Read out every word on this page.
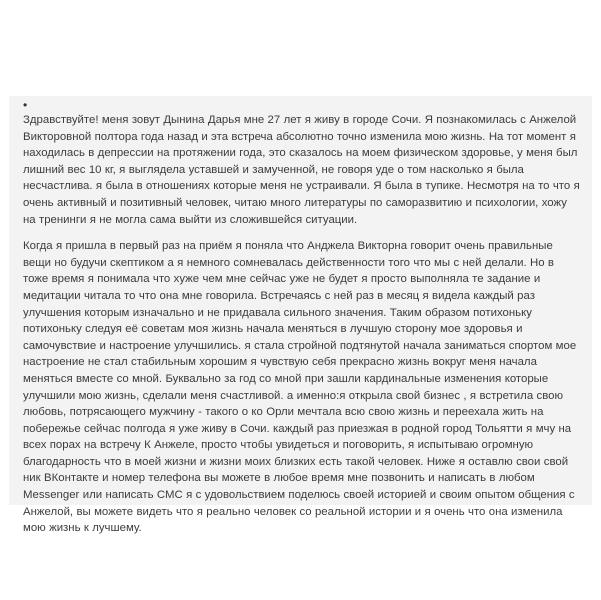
•

Здравствуйте! меня зовут Дынина Дарья мне 27 лет я живу в городе Сочи. Я познакомилась с Анжелой Викторовной полтора года назад и эта встреча абсолютно точно изменила мою жизнь. На тот момент я находилась в депрессии на протяжении года, это сказалось на моем физическом здоровье, у меня был лишний вес 10 кг, я выглядела уставшей и замученной, не говоря уде о том насколько я была несчастлива. я была в отношениях которые меня не устраивали. Я была в тупике. Несмотря на то что я очень активный и позитивный человек, читаю много литературы по саморазвитию и психологии, хожу на тренинги я не могла сама выйти из сложившейся ситуации.

Когда я пришла в первый раз на приём я поняла что Анджела Викторна говорит очень правильные вещи но будучи скептиком а я немного сомневалась действенности того что мы с ней делали. Но в тоже время я понимала что хуже чем мне сейчас уже не будет я просто выполняла те задание и медитации читала то что она мне говорила. Встречаясь с ней раз в месяц я видела каждый раз улучшения которым изначально и не придавала сильного значения. Таким образом потихоньку потихоньку следуя её советам моя жизнь начала меняться в лучшую сторону мое здоровья и самочувствие и настроение улучшились. я стала стройной подтянутой начала заниматься спортом мое настроение не стал стабильным хорошим я чувствую себя прекрасно жизнь вокруг меня начала меняться вместе со мной. Буквально за год со мной при зашли кардинальные изменения которые улучшили мою жизнь, сделали меня счастливой. а именно:я открыла свой бизнес , я встретила свою любовь, потрясающего мужчину - такого о ко Орли мечтала всю свою жизнь и переехала жить на побережье сейчас полгода я уже живу в Сочи. каждый раз приезжая в родной город Тольятти я мчу на всех порах на встречу К Анжеле, просто чтобы увидеться и поговорить, я испытываю огромную благодарность что в моей жизни и жизни моих близких есть такой человек. Ниже я оставлю свои свой ник ВКонтакте и номер телефона вы можете в любое время мне позвонить и написать в любом Messenger или написать СМС я с удовольствием поделюсь своей историей и своим опытом общения с Анжелой, вы можете видеть что я реально человек со реальной истории и я очень что она изменила мою жизнь к лучшему.
